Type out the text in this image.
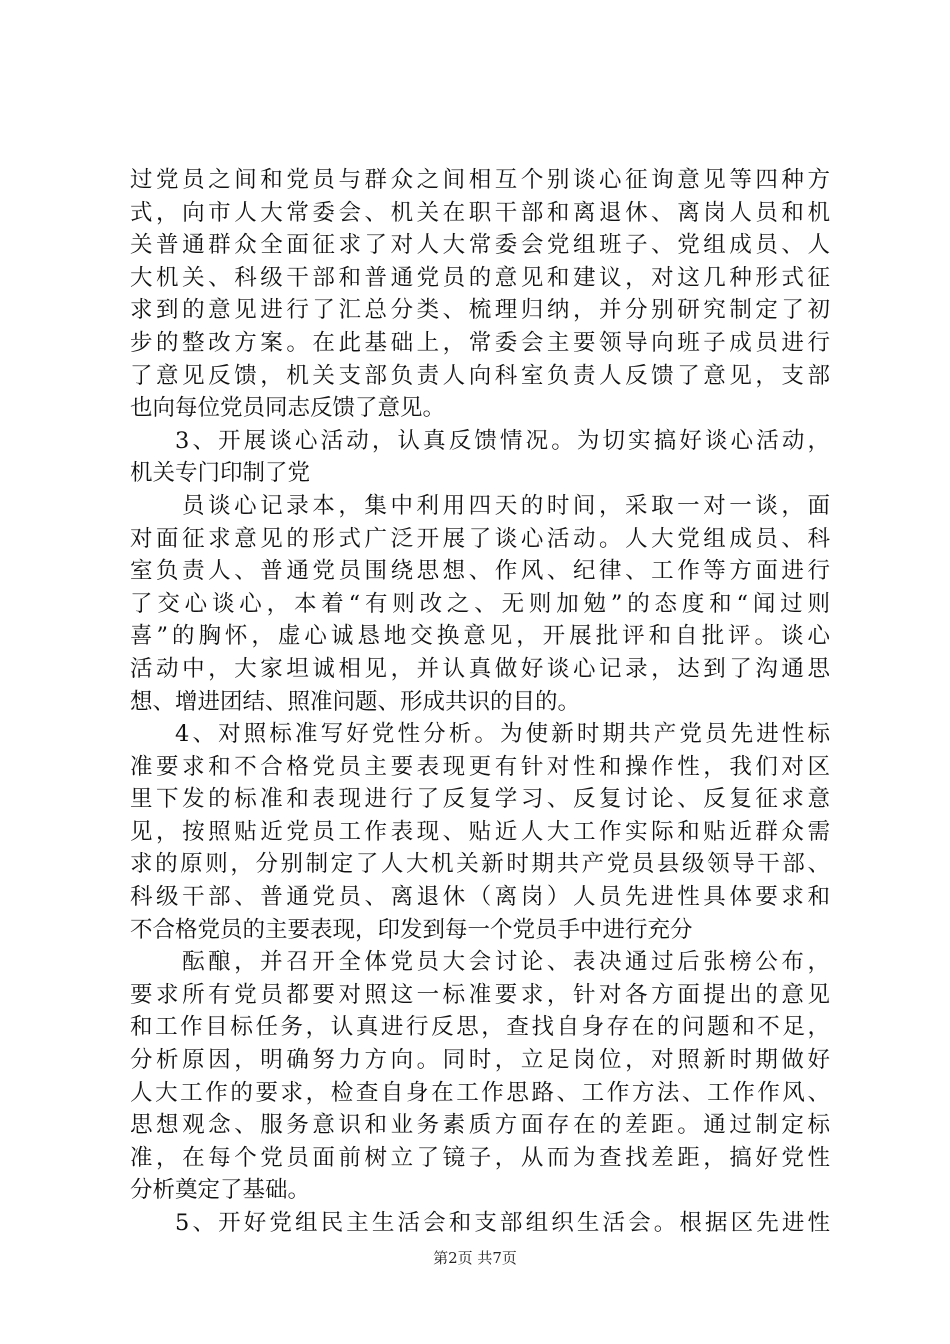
过党员之间和党员与群众之间相互个别谈心征询意见等四种方
式，向市人大常委会、机关在职干部和离退休、离岗人员和机
关普通群众全面征求了对人大常委会党组班子、党组成员、人
大机关、科级干部和普通党员的意见和建议，对这几种形式征
求到的意见进行了汇总分类、梳理归纳，并分别研究制定了初
步的整改方案。在此基础上，常委会主要领导向班子成员进行
了意见反馈，机关支部负责人向科室负责人反馈了意见，支部
也向每位党员同志反馈了意见。
3、开展谈心活动，认真反馈情况。为切实搞好谈心活动，
机关专门印制了党
员谈心记录本，集中利用四天的时间，采取一对一谈，面
对面征求意见的形式广泛开展了谈心活动。人大党组成员、科
室负责人、普通党员围绕思想、作风、纪律、工作等方面进行
了交心谈心，本着“有则改之、无则加勉”的态度和“闻过则
喜”的胸怀，虚心诚恳地交换意见，开展批评和自批评。谈心
活动中，大家坦诚相见，并认真做好谈心记录，达到了沟通思
想、增进团结、照准问题、形成共识的目的。
4、对照标准写好党性分析。为使新时期共产党员先进性标
准要求和不合格党员主要表现更有针对性和操作性，我们对区
里下发的标准和表现进行了反复学习、反复讨论、反复征求意
见，按照贴近党员工作表现、贴近人大工作实际和贴近群众需
求的原则，分别制定了人大机关新时期共产党员县级领导干部、
科级干部、普通党员、离退休（离岗）人员先进性具体要求和
不合格党员的主要表现，印发到每一个党员手中进行充分
酝酿，并召开全体党员大会讨论、表决通过后张榜公布，
要求所有党员都要对照这一标准要求，针对各方面提出的意见
和工作目标任务，认真进行反思，查找自身存在的问题和不足，
分析原因，明确努力方向。同时，立足岗位，对照新时期做好
人大工作的要求，检查自身在工作思路、工作方法、工作作风、
思想观念、服务意识和业务素质方面存在的差距。通过制定标
准，在每个党员面前树立了镜子，从而为查找差距，搞好党性
分析奠定了基础。
5、开好党组民主生活会和支部组织生活会。根据区先进性
第2页 共7页
